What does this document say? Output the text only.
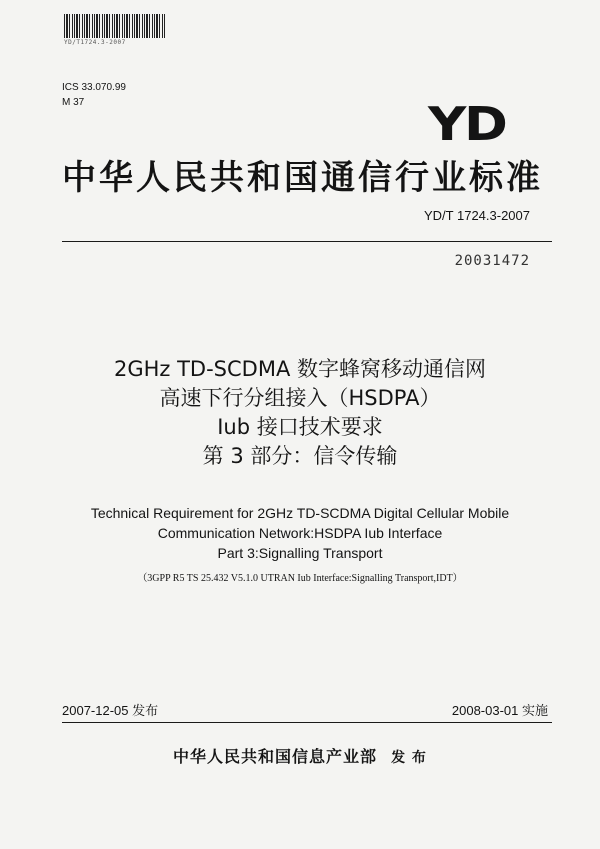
YD/T1724.3-2007
ICS 33.070.99
M 37	YD
中华人民共和国通信行业标准
YD/T 1724.3-2007
20031472
2GHz TD-SCDMA 数字蜂窝移动通信网
高速下行分组接入（HSDPA）
Iub 接口技术要求
第 3 部分：信令传输
Technical Requirement for 2GHz TD-SCDMA Digital Cellular Mobile
Communication Network:HSDPA Iub Interface
Part 3:Signalling Transport
（3GPP R5 TS 25.432 V5.1.0 UTRAN Iub Interface:Signalling Transport,IDT）
2007-12-05 发布	2008-03-01 实施
中华人民共和国信息产业部 发 布
